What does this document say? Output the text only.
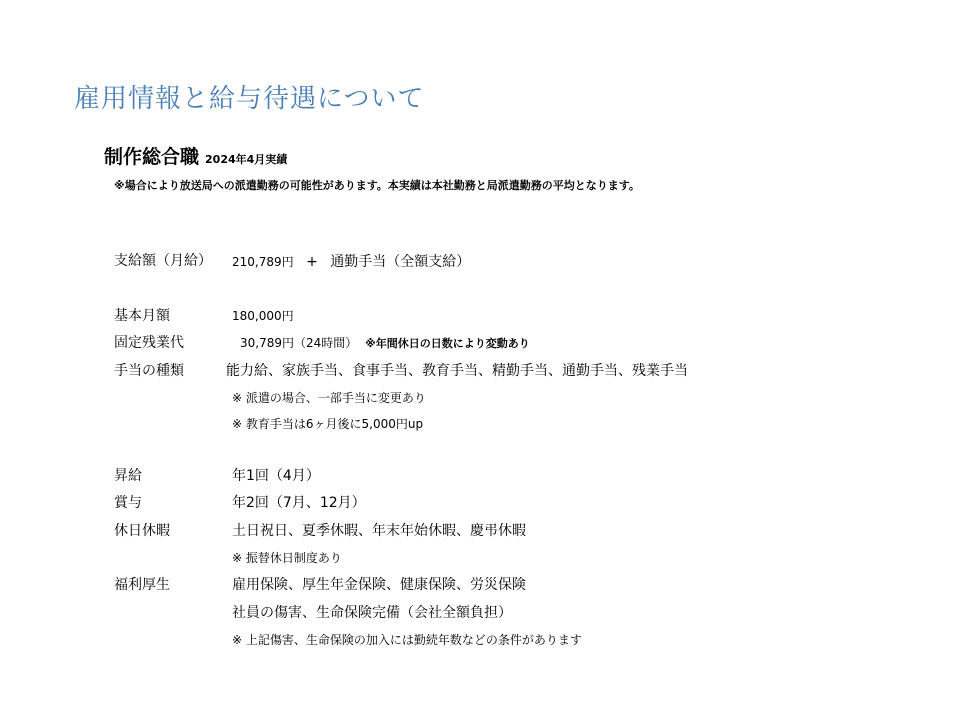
雇用情報と給与待遇について
制作総合職 2024年4月実績
※場合により放送局への派遣勤務の可能性があります。本実績は本社勤務と局派遣勤務の平均となります。
支給額（月給） 210,789円 + 通勤手当（全額支給）
基本月額	180,000円
固定残業代	30,789円（24時間） ※年間休日の日数により変動あり
手当の種類	能力給、家族手当、食事手当、教育手当、精勤手当、通勤手当、残業手当
※ 派遣の場合、一部手当に変更あり
※ 教育手当は6ヶ月後に5,000円up
昇給	年1回（4月）
賞与	年2回（7月、12月）
休日休暇	土日祝日、夏季休暇、年末年始休暇、慶弔休暇
※ 振替休日制度あり
福利厚生	雇用保険、厚生年金保険、健康保険、労災保険
社員の傷害、生命保険完備（会社全額負担）
※ 上記傷害、生命保険の加入には勤続年数などの条件があります
